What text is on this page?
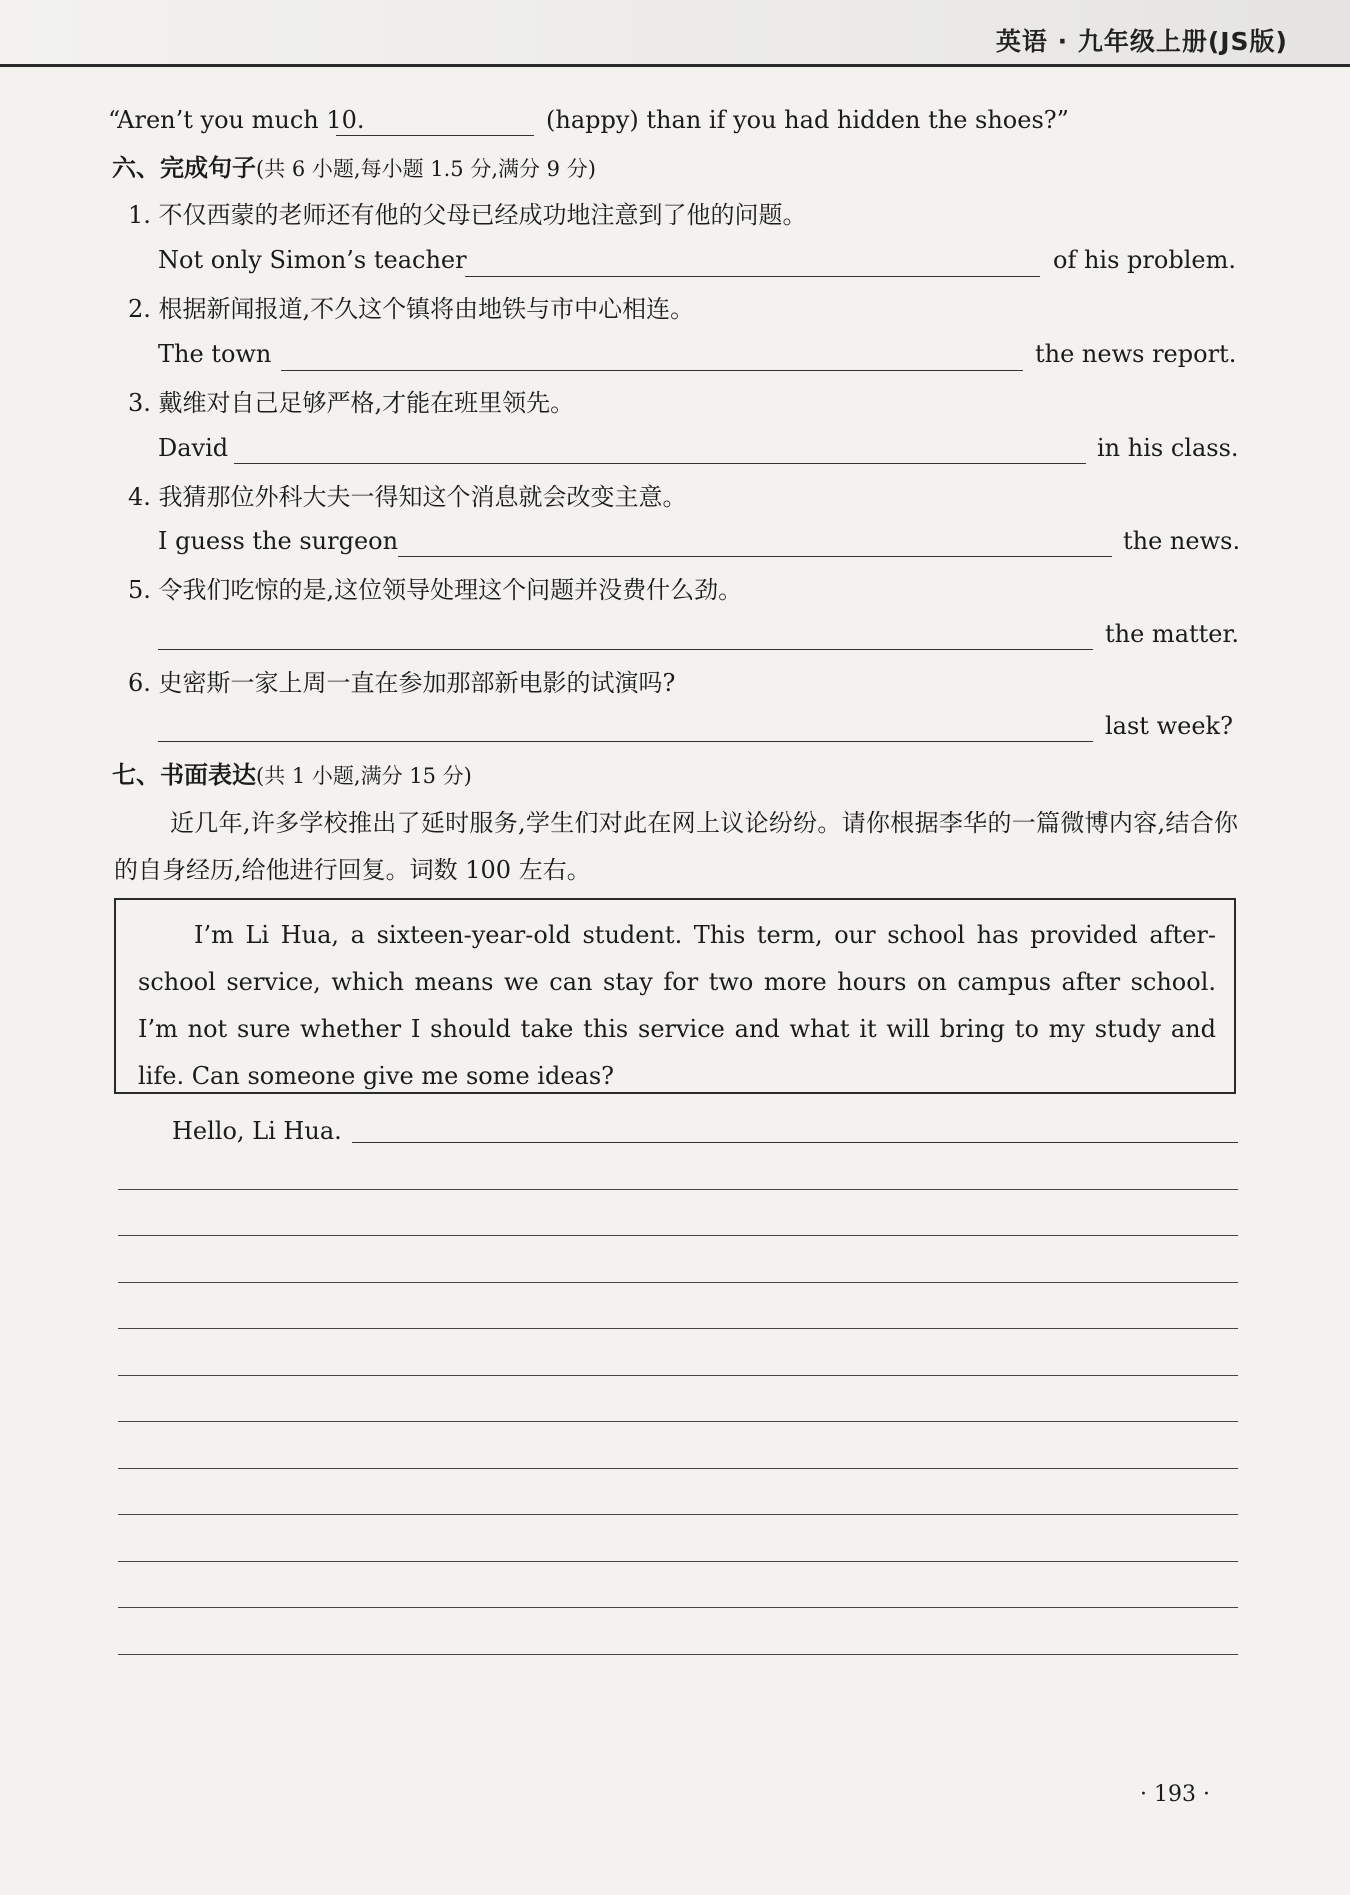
英语 · 九年级上册(JS版)
“Aren’t you much 10.	(happy) than if you had hidden the shoes?”
六、完成句子(共 6 小题,每小题 1.5 分,满分 9 分)
1. 不仅西蒙的老师还有他的父母已经成功地注意到了他的问题。
Not only Simon’s teacher	of his problem.
2. 根据新闻报道,不久这个镇将由地铁与市中心相连。
The town	the news report.
3. 戴维对自己足够严格,才能在班里领先。
David	in his class.
4. 我猜那位外科大夫一得知这个消息就会改变主意。
I guess the surgeon	the news.
5. 令我们吃惊的是,这位领导处理这个问题并没费什么劲。
the matter.
6. 史密斯一家上周一直在参加那部新电影的试演吗?
last week?
七、书面表达(共 1 小题,满分 15 分)
近几年,许多学校推出了延时服务,学生们对此在网上议论纷纷。请你根据李华的一篇微博内容,结合你的自身经历,给他进行回复。词数 100 左右。
I’m Li Hua, a sixteen-year-old student. This term, our school has provided after-school service, which means we can stay for two more hours on campus after school. I’m not sure whether I should take this service and what it will bring to my study and life. Can someone give me some ideas?
Hello, Li Hua.
· 193 ·
